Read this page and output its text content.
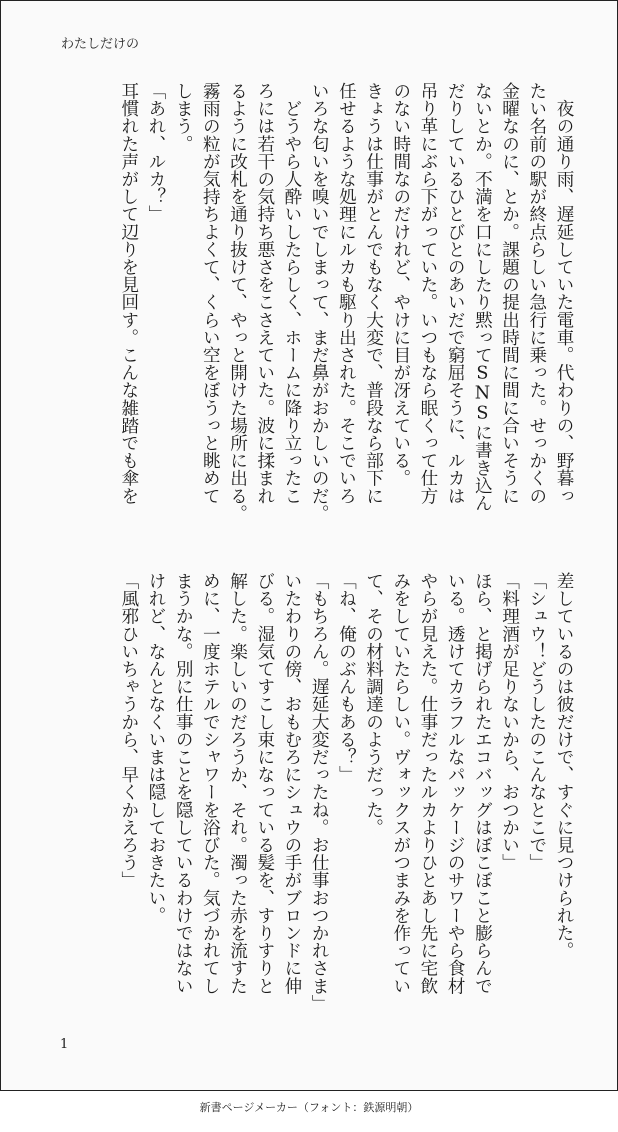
わたしだけの
　夜の通り雨、遅延していた電車。代わりの、野暮っ
たい名前の駅が終点らしい急行に乗った。せっかくの
金曜なのに、とか。課題の提出時間に間に合いそうに
ないとか。不満を口にしたり黙ってSNSに書き込ん
だりしているひとびとのあいだで窮屈そうに、ルカは
吊り革にぶら下がっていた。いつもなら眠くって仕方
のない時間なのだけれど、やけに目が冴えている。
きょうは仕事がとんでもなく大変で、普段なら部下に
任せるような処理にルカも駆り出された。そこでいろ
いろな匂いを嗅いでしまって、まだ鼻がおかしいのだ。
　どうやら人酔いしたらしく、ホームに降り立ったこ
ろには若干の気持ち悪さをこさえていた。波に揉まれ
るように改札を通り抜けて、やっと開けた場所に出る。
霧雨の粒が気持ちよくて、くらい空をぼうっと眺めて
しまう。
「あれ、ルカ？」
耳慣れた声がして辺りを見回す。こんな雑踏でも傘を
差しているのは彼だけで、すぐに見つけられた。
「シュウ！どうしたのこんなとこで」
「料理酒が足りないから、おつかい」
ほら、と掲げられたエコバッグはぼこぼこと膨らんで
いる。透けてカラフルなパッケージのサワーやら食材
やらが見えた。仕事だったルカよりひとあし先に宅飲
みをしていたらしい。ヴォックスがつまみを作ってい
て、その材料調達のようだった。
「ね、俺のぶんもある？」
「もちろん。遅延大変だったね。お仕事おつかれさま」
いたわりの傍、おもむろにシュウの手がブロンドに伸
びる。湿気てすこし束になっている髪を、すりすりと
解した。楽しいのだろうか、それ。濁った赤を流すた
めに、一度ホテルでシャワーを浴びた。気づかれてし
まうかな。別に仕事のことを隠しているわけではない
けれど、なんとなくいまは隠しておきたい。
「風邪ひいちゃうから、早くかえろう」
1
新書ページメーカー（フォント：鉄源明朝）
